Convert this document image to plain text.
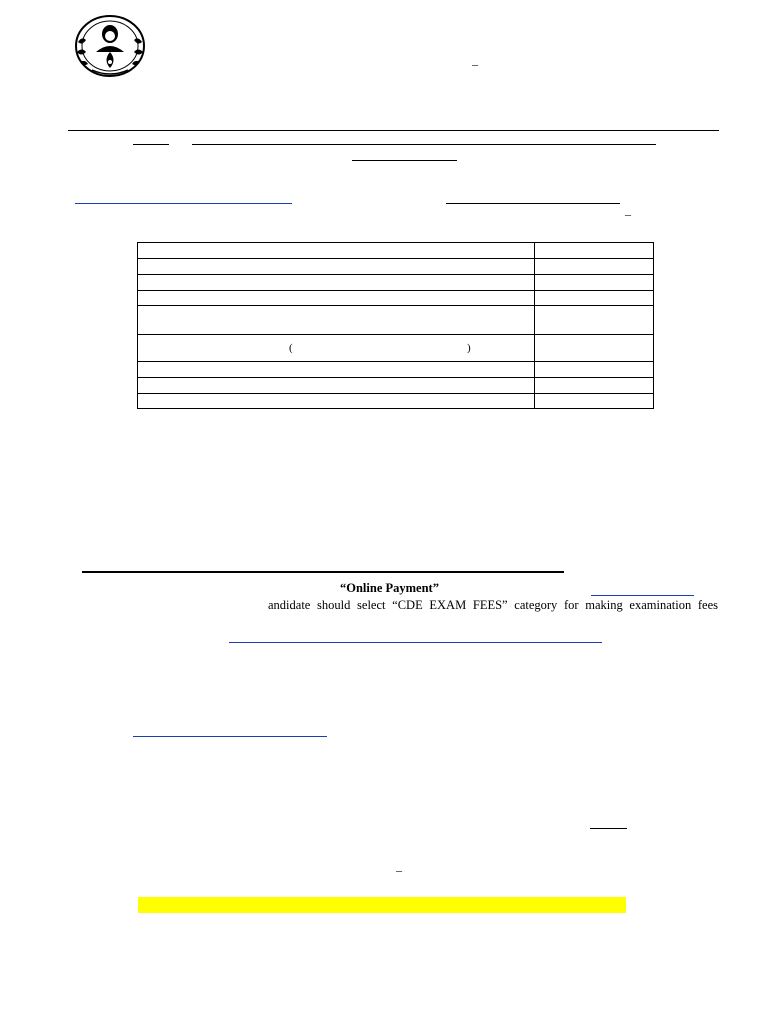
–
–

( )	

“Online Payment”
andidate should select “CDE EXAM FEES” category for making examination fees
–
